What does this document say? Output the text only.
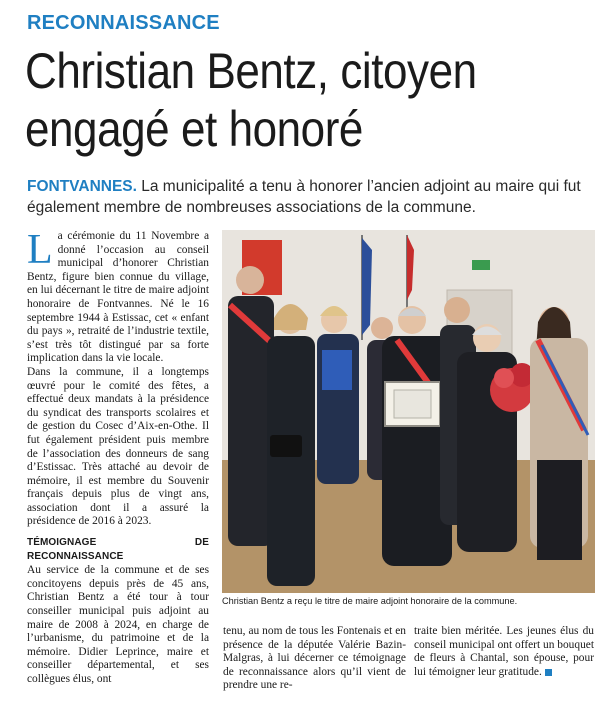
RECONNAISSANCE
Christian Bentz, citoyen engagé et honoré
FONTVANNES. La municipalité a tenu à honorer l’ancien adjoint au maire qui fut également membre de nombreuses associations de la commune.

La cérémonie du 11 Novembre a donné l’occasion au conseil municipal d’honorer Christian Bentz, figure bien connue du village, en lui décernant le titre de maire adjoint honoraire de Fontvannes. Né le 16 septembre 1944 à Estissac, cet « enfant du pays », retraité de l’industrie textile, s’est très tôt distingué par sa forte implication dans la vie locale.

Dans la commune, il a longtemps œuvré pour le comité des fêtes, a effectué deux mandats à la présidence du syndicat des transports scolaires et de gestion du Cosec d’Aix-en-Othe. Il fut également président puis membre de l’association des donneurs de sang d’Estissac. Très attaché au devoir de mémoire, il est membre du Souvenir français depuis plus de vingt ans, association dont il a assuré la présidence de 2016 à 2023.

TÉMOIGNAGE DE RECONNAISSANCE

Au service de la commune et de ses concitoyens depuis près de 45 ans, Christian Bentz a été tour à tour conseiller municipal puis adjoint au maire de 2008 à 2024, en charge de l’urbanisme, du patrimoine et de la mémoire. Didier Leprince, maire et conseiller départemental, et ses collègues élus, ont

Christian Bentz a reçu le titre de maire adjoint honoraire de la commune.
tenu, au nom de tous les Fontenais et en présence de la députée Valérie Bazin-Malgras, à lui décerner ce témoignage de reconnaissance alors qu’il vient de prendre une re-
traite bien méritée. Les jeunes élus du conseil municipal ont offert un bouquet de fleurs à Chantal, son épouse, pour lui témoigner leur gratitude.
